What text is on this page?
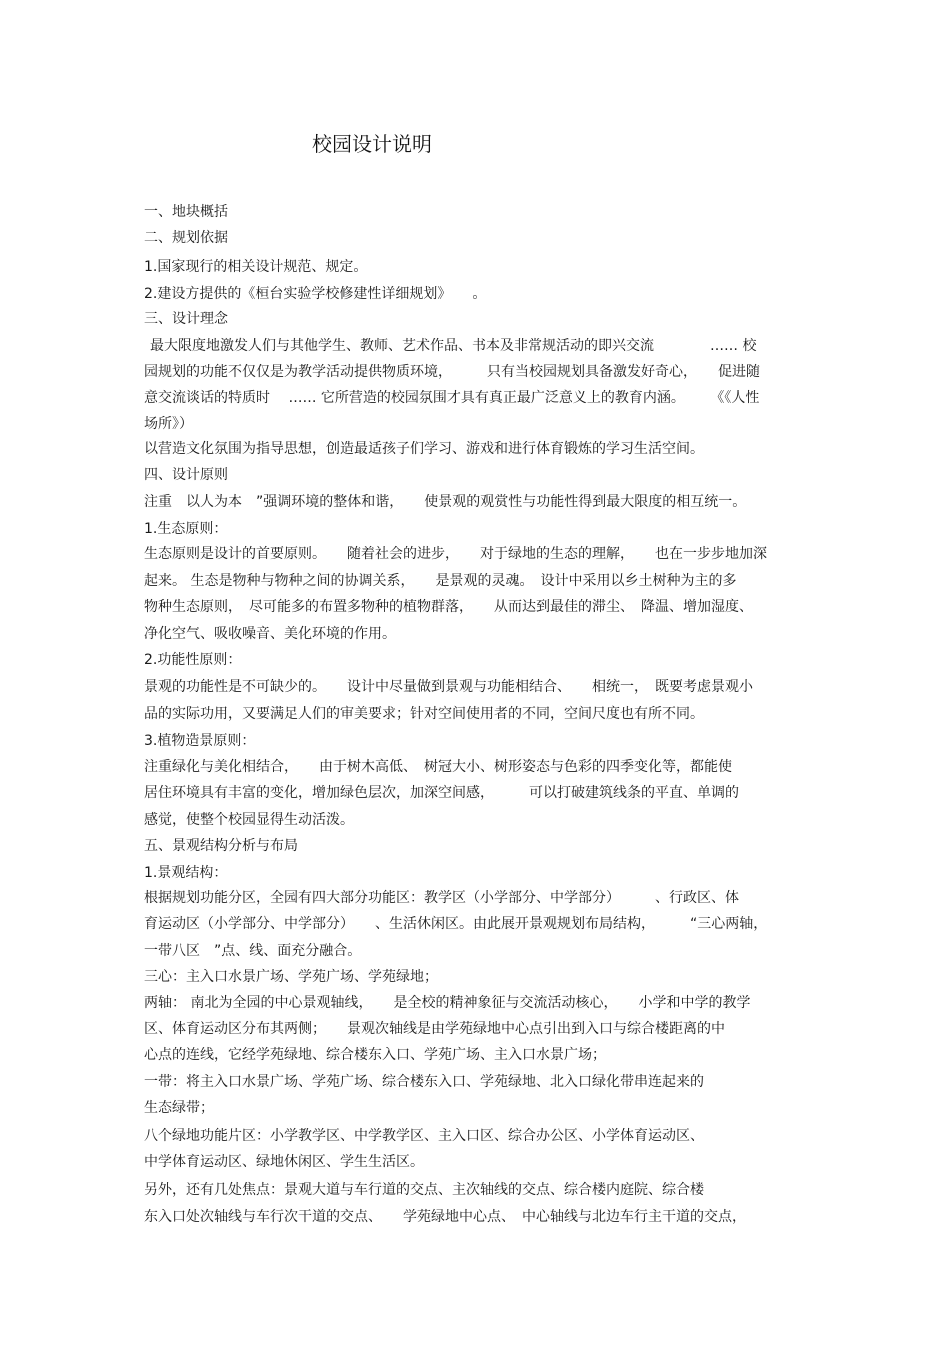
校园设计说明
一、地块概括
二、规划依据
1.国家现行的相关设计规范、规定。
2.建设方提供的《桓台实验学校修建性详细规划》　　。
三、设计理念
最大限度地激发人们与其他学生、教师、艺术作品、书本及非常规活动的即兴交流　　　　…… 校
园规划的功能不仅仅是为教学活动提供物质环境，　　　只有当校园规划具备激发好奇心，　　促进随
意交流谈话的特质时　 …… 它所营造的校园氛围才具有真正最广泛意义上的教育内涵。　　 《《人性
场所》）
以营造文化氛围为指导思想，创造最适孩子们学习、游戏和进行体育锻炼的学习生活空间。
四、设计原则
注重　以人为本　”强调环境的整体和谐，　　使景观的观赏性与功能性得到最大限度的相互统一。
1.生态原则：
生态原则是设计的首要原则。　　随着社会的进步，　　对于绿地的生态的理解，　　也在一步步地加深
起来。 生态是物种与物种之间的协调关系，　　是景观的灵魂。　设计中采用以乡土树种为主的多
物种生态原则，　尽可能多的布置多物种的植物群落，　　从而达到最佳的滞尘、　降温、增加湿度、
净化空气、吸收噪音、美化环境的作用。
2.功能性原则：
景观的功能性是不可缺少的。　　设计中尽量做到景观与功能相结合、　　相统一，　既要考虑景观小
品的实际功用，又要满足人们的审美要求；针对空间使用者的不同，空间尺度也有所不同。
3.植物造景原则：
注重绿化与美化相结合，　　由于树木高低、　树冠大小、树形姿态与色彩的四季变化等，都能使
居住环境具有丰富的变化，增加绿色层次，加深空间感，　　　可以打破建筑线条的平直、单调的
感觉，使整个校园显得生动活泼。
五、景观结构分析与布局
1.景观结构：
根据规划功能分区，全园有四大部分功能区：教学区（小学部分、中学部分）　　　、行政区、体
育运动区（小学部分、中学部分）　　、生活休闲区。由此展开景观规划布局结构，　　　“三心两轴，
一带八区　”点、线、面充分融合。
三心：主入口水景广场、学苑广场、学苑绿地；
两轴： 南北为全园的中心景观轴线，　　是全校的精神象征与交流活动核心，　　小学和中学的教学
区、体育运动区分布其两侧；　　景观次轴线是由学苑绿地中心点引出到入口与综合楼距离的中
心点的连线，它经学苑绿地、综合楼东入口、学苑广场、主入口水景广场；
一带：将主入口水景广场、学苑广场、综合楼东入口、学苑绿地、北入口绿化带串连起来的
生态绿带；
八个绿地功能片区：小学教学区、中学教学区、主入口区、综合办公区、小学体育运动区、
中学体育运动区、绿地休闲区、学生生活区。
另外，还有几处焦点：景观大道与车行道的交点、主次轴线的交点、综合楼内庭院、综合楼
东入口处次轴线与车行次干道的交点、　　学苑绿地中心点、　中心轴线与北边车行主干道的交点，
